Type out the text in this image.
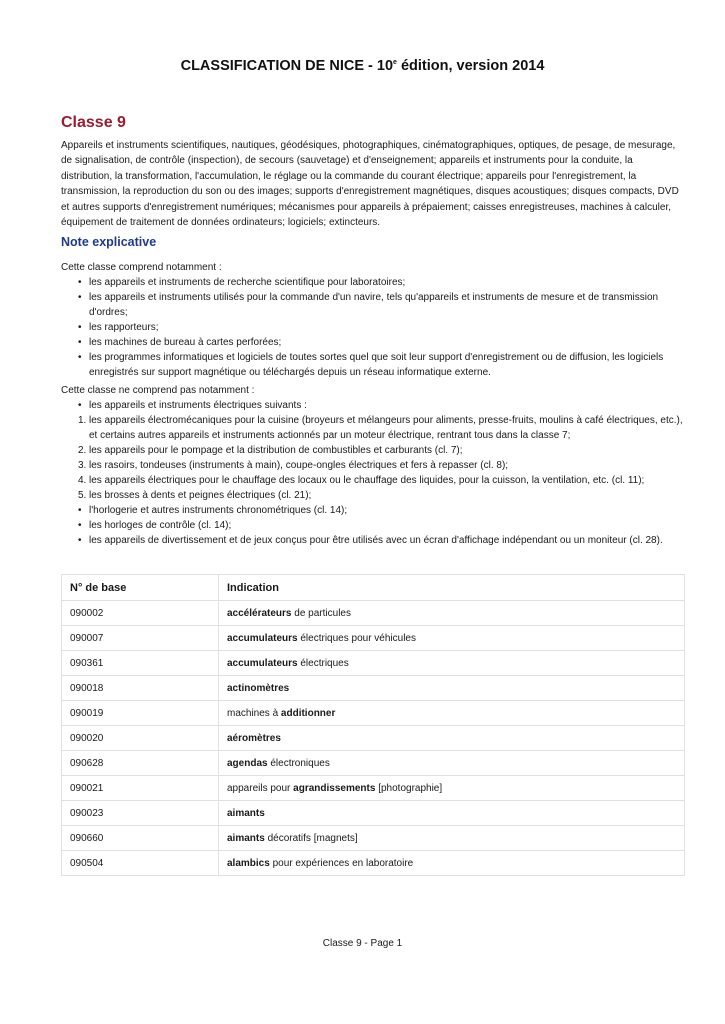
CLASSIFICATION DE NICE - 10e édition, version 2014
Classe 9

Appareils et instruments scientifiques, nautiques, géodésiques, photographiques, cinématographiques, optiques, de pesage, de mesurage, de signalisation, de contrôle (inspection), de secours (sauvetage) et d'enseignement; appareils et instruments pour la conduite, la distribution, la transformation, l'accumulation, le réglage ou la commande du courant électrique; appareils pour l'enregistrement, la transmission, la reproduction du son ou des images; supports d'enregistrement magnétiques, disques acoustiques; disques compacts, DVD et autres supports d'enregistrement numériques; mécanismes pour appareils à prépaiement; caisses enregistreuses, machines à calculer, équipement de traitement de données ordinateurs; logiciels; extincteurs.

Note explicative

Cette classe comprend notamment :

• les appareils et instruments de recherche scientifique pour laboratoires;
• les appareils et instruments utilisés pour la commande d'un navire, tels qu'appareils et instruments de mesure et de transmission d'ordres;
• les rapporteurs;
• les machines de bureau à cartes perforées;
• les programmes informatiques et logiciels de toutes sortes quel que soit leur support d'enregistrement ou de diffusion, les logiciels enregistrés sur support magnétique ou téléchargés depuis un réseau informatique externe.

Cette classe ne comprend pas notamment :

• les appareils et instruments électriques suivants :
1. les appareils électromécaniques pour la cuisine (broyeurs et mélangeurs pour aliments, presse-fruits, moulins à café électriques, etc.), et certains autres appareils et instruments actionnés par un moteur électrique, rentrant tous dans la classe 7;
2. les appareils pour le pompage et la distribution de combustibles et carburants (cl. 7);
3. les rasoirs, tondeuses (instruments à main), coupe-ongles électriques et fers à repasser (cl. 8);
4. les appareils électriques pour le chauffage des locaux ou le chauffage des liquides, pour la cuisson, la ventilation, etc. (cl. 11);
5. les brosses à dents et peignes électriques (cl. 21);
• l'horlogerie et autres instruments chronométriques (cl. 14);
• les horloges de contrôle (cl. 14);
• les appareils de divertissement et de jeux conçus pour être utilisés avec un écran d'affichage indépendant ou un moniteur (cl. 28).
N° de base	Indication
090002	accélérateurs de particules
090007	accumulateurs électriques pour véhicules
090361	accumulateurs électriques
090018	actinomètres
090019	machines à additionner
090020	aéromètres
090628	agendas électroniques
090021	appareils pour agrandissements [photographie]
090023	aimants
090660	aimants décoratifs [magnets]
090504	alambics pour expériences en laboratoire
Classe 9 - Page 1
